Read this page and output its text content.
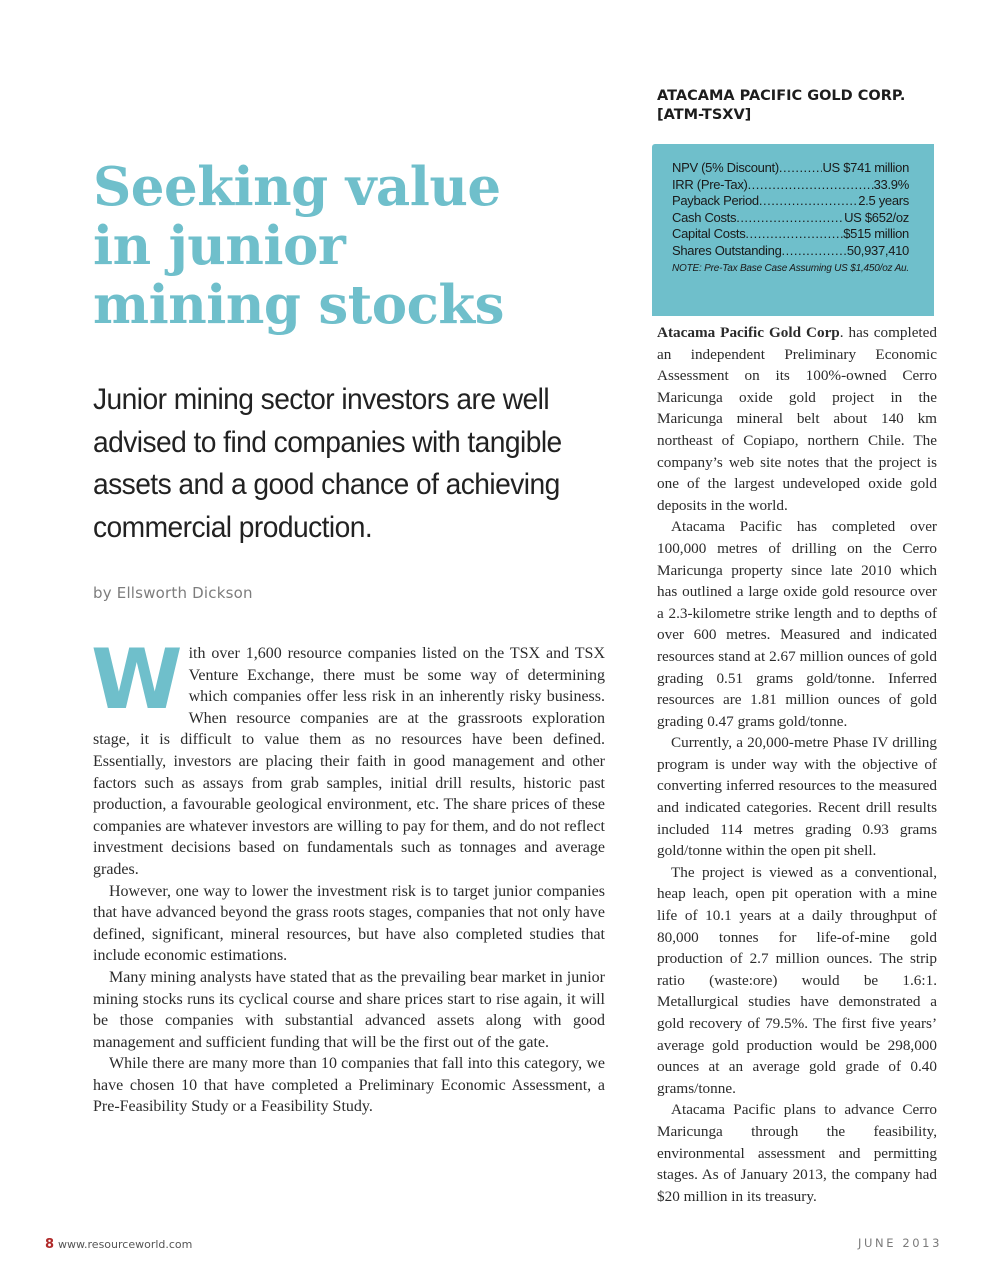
Seeking value
in junior
mining stocks
Junior mining sector investors are well advised to find companies with tangible assets and a good chance of achieving commercial production.
by Ellsworth Dickson

With over 1,600 resource companies listed on the TSX and TSX Venture Exchange, there must be some way of determining which companies offer less risk in an inherently risky business. When resource companies are at the grassroots exploration stage, it is difficult to value them as no resources have been defined. Essentially, investors are placing their faith in good management and other factors such as assays from grab samples, initial drill results, historic past production, a favourable geological environment, etc. The share prices of these companies are whatever investors are willing to pay for them, and do not reflect investment decisions based on fundamentals such as tonnages and average grades.

However, one way to lower the investment risk is to target junior companies that have advanced beyond the grass roots stages, companies that not only have defined, significant, mineral resources, but have also completed studies that include economic estimations.

Many mining analysts have stated that as the prevailing bear market in junior mining stocks runs its cyclical course and share prices start to rise again, it will be those companies with substantial advanced assets along with good management and sufficient funding that will be the first out of the gate.

While there are many more than 10 companies that fall into this category, we have chosen 10 that have completed a Preliminary Economic Assessment, a Pre-Feasibility Study or a Feasibility Study.

ATACAMA PACIFIC GOLD CORP.
[ATM-TSXV]
NPV (5% Discount) .....	US $741 million
IRR (Pre-Tax) .....	33.9%
Payback Period .....	2.5 years
Cash Costs .....	US $652/oz
Capital Costs .....	$515 million
Shares Outstanding .....	50,937,410
NOTE: Pre-Tax Base Case Assuming US $1,450/oz Au.

Atacama Pacific Gold Corp. has completed an independent Preliminary Economic Assessment on its 100%-owned Cerro Maricunga oxide gold project in the Maricunga mineral belt about 140 km northeast of Copiapo, northern Chile. The company’s web site notes that the project is one of the largest undeveloped oxide gold deposits in the world.

Atacama Pacific has completed over 100,000 metres of drilling on the Cerro Maricunga property since late 2010 which has outlined a large oxide gold resource over a 2.3-kilometre strike length and to depths of over 600 metres. Measured and indicated resources stand at 2.67 million ounces of gold grading 0.51 grams gold/tonne. Inferred resources are 1.81 million ounces of gold grading 0.47 grams gold/tonne.

Currently, a 20,000-metre Phase IV drilling program is under way with the objective of converting inferred resources to the measured and indicated categories. Recent drill results included 114 metres grading 0.93 grams gold/tonne within the open pit shell.

The project is viewed as a conventional, heap leach, open pit operation with a mine life of 10.1 years at a daily throughput of 80,000 tonnes for life-of-mine gold production of 2.7 million ounces. The strip ratio (waste:ore) would be 1.6:1. Metallurgical studies have demonstrated a gold recovery of 79.5%. The first five years’ average gold production would be 298,000 ounces at an average gold grade of 0.40 grams/tonne.

Atacama Pacific plans to advance Cerro Maricunga through the feasibility, environmental assessment and permitting stages. As of January 2013, the company had $20 million in its treasury.

8 www.resourceworld.com	JUNE 2013
